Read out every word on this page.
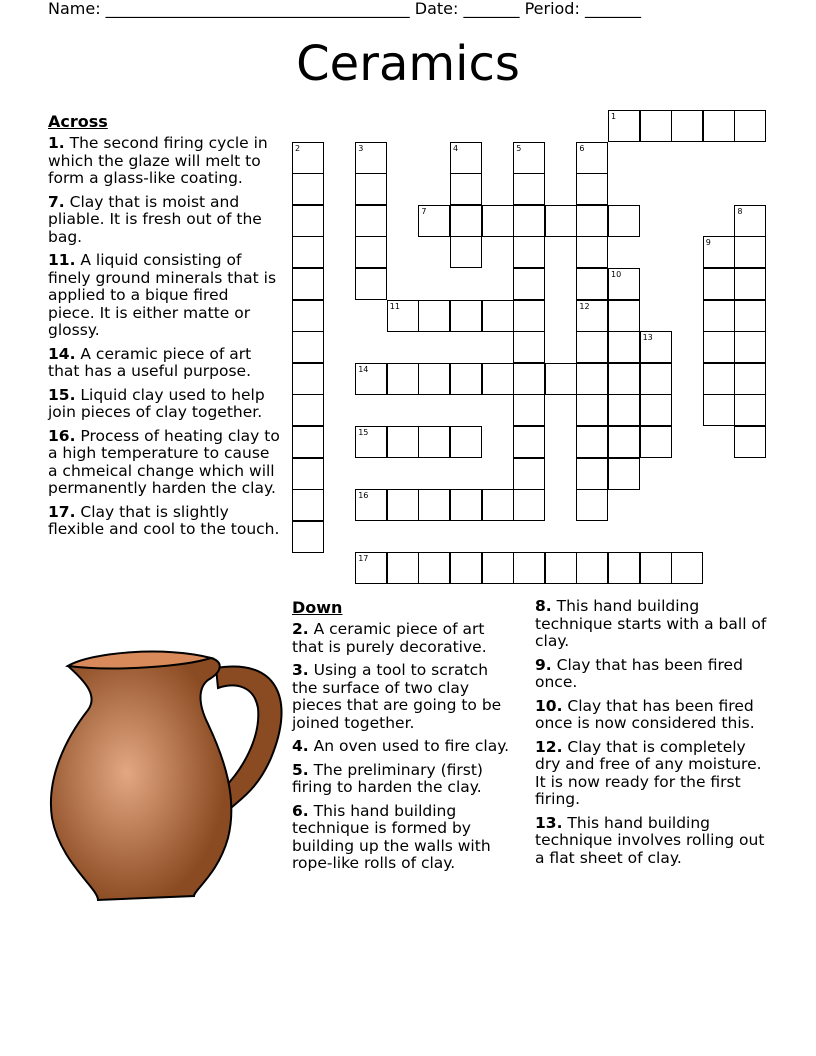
Name: ______________________________________ Date: _______ Period: _______
Ceramics
Across
1. The second firing cycle in which the glaze will melt to form a glass-like coating.
7. Clay that is moist and pliable. It is fresh out of the bag.
11. A liquid consisting of finely ground minerals that is applied to a bique fired piece. It is either matte or glossy.
14. A ceramic piece of art that has a useful purpose.
15. Liquid clay used to help join pieces of clay together.
16. Process of heating clay to a high temperature to cause a chmeical change which will permanently harden the clay.
17. Clay that is slightly flexible and cool to the touch.
Down
2. A ceramic piece of art that is purely decorative.
3. Using a tool to scratch the surface of two clay pieces that are going to be joined together.
4. An oven used to fire clay.
5. The preliminary (first) firing to harden the clay.
6. This hand building technique is formed by building up the walls with rope-like rolls of clay.
8. This hand building technique starts with a ball of clay.
9. Clay that has been fired once.
10. Clay that has been fired once is now considered this.
12. Clay that is completely dry and free of any moisture. It is now ready for the first firing.
13. This hand building technique involves rolling out a flat sheet of clay.
1
2	3	4	5	6
12
7	8
9
10
11
13
14
15
16
17
